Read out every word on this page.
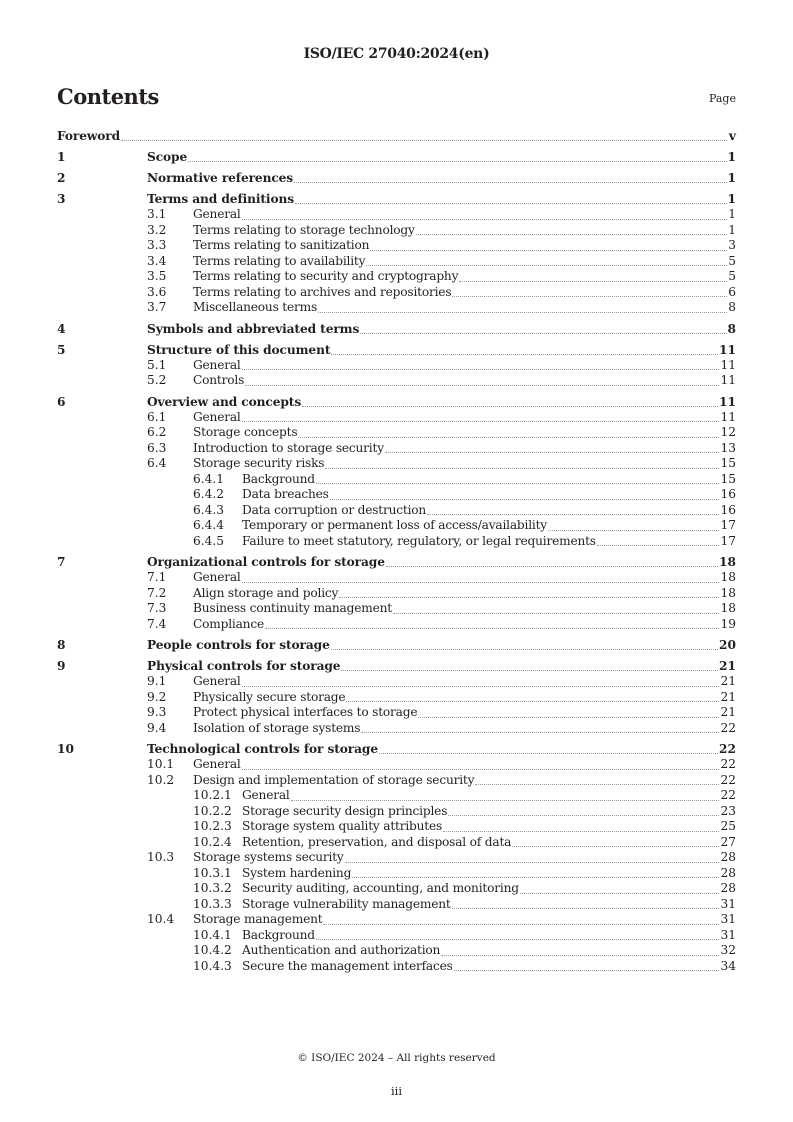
ISO/IEC 27040:2024(en)
Contents	Page
Foreword	v
1	Scope	1
2	Normative references	1
3	Terms and definitions	1
3.1	General	1
3.2	Terms relating to storage technology	1
3.3	Terms relating to sanitization	3
3.4	Terms relating to availability	5
3.5	Terms relating to security and cryptography	5
3.6	Terms relating to archives and repositories	6
3.7	Miscellaneous terms	8
4	Symbols and abbreviated terms	8
5	Structure of this document	11
5.1	General	11
5.2	Controls	11
6	Overview and concepts	11
6.1	General	11
6.2	Storage concepts	12
6.3	Introduction to storage security	13
6.4	Storage security risks	15
6.4.1	Background	15
6.4.2	Data breaches	16
6.4.3	Data corruption or destruction	16
6.4.4	Temporary or permanent loss of access/availability	17
6.4.5	Failure to meet statutory, regulatory, or legal requirements	17
7	Organizational controls for storage	18
7.1	General	18
7.2	Align storage and policy	18
7.3	Business continuity management	18
7.4	Compliance	19
8	People controls for storage	20
9	Physical controls for storage	21
9.1	General	21
9.2	Physically secure storage	21
9.3	Protect physical interfaces to storage	21
9.4	Isolation of storage systems	22
10	Technological controls for storage	22
10.1	General	22
10.2	Design and implementation of storage security	22
10.2.1 General	22
10.2.2 Storage security design principles	23
10.2.3 Storage system quality attributes	25
10.2.4 Retention, preservation, and disposal of data	27
10.3	Storage systems security	28
10.3.1 System hardening	28
10.3.2 Security auditing, accounting, and monitoring	28
10.3.3 Storage vulnerability management	31
10.4	Storage management	31
10.4.1 Background	31
10.4.2 Authentication and authorization	32
10.4.3 Secure the management interfaces	34
© ISO/IEC 2024 – All rights reserved
iii
